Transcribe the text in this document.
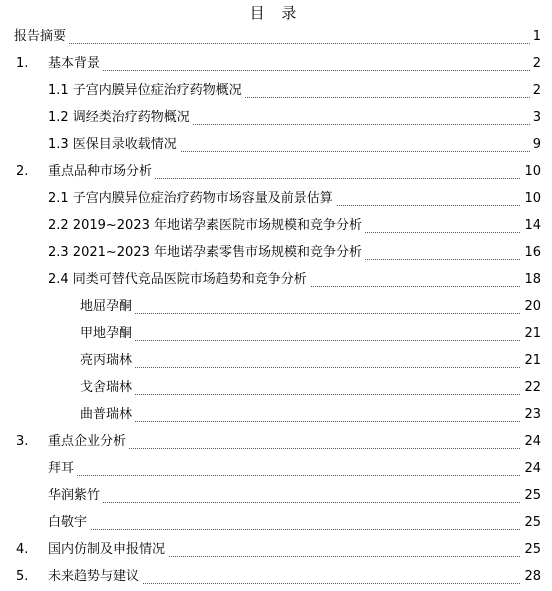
目 录
报告摘要	1
1. 基本背景	2
1.1 子宫内膜异位症治疗药物概况	2
1.2 调经类治疗药物概况	3
1.3 医保目录收载情况	9
2. 重点品种市场分析	10
2.1 子宫内膜异位症治疗药物市场容量及前景估算	10
2.2 2019~2023 年地诺孕素医院市场规模和竞争分析	14
2.3 2021~2023 年地诺孕素零售市场规模和竞争分析	16
2.4 同类可替代竞品医院市场趋势和竞争分析	18
地屈孕酮	20
甲地孕酮	21
亮丙瑞林	21
戈舍瑞林	22
曲普瑞林	23
3. 重点企业分析	24
拜耳	24
华润紫竹	25
白敬宇	25
4. 国内仿制及申报情况	25
5. 未来趋势与建议	28
